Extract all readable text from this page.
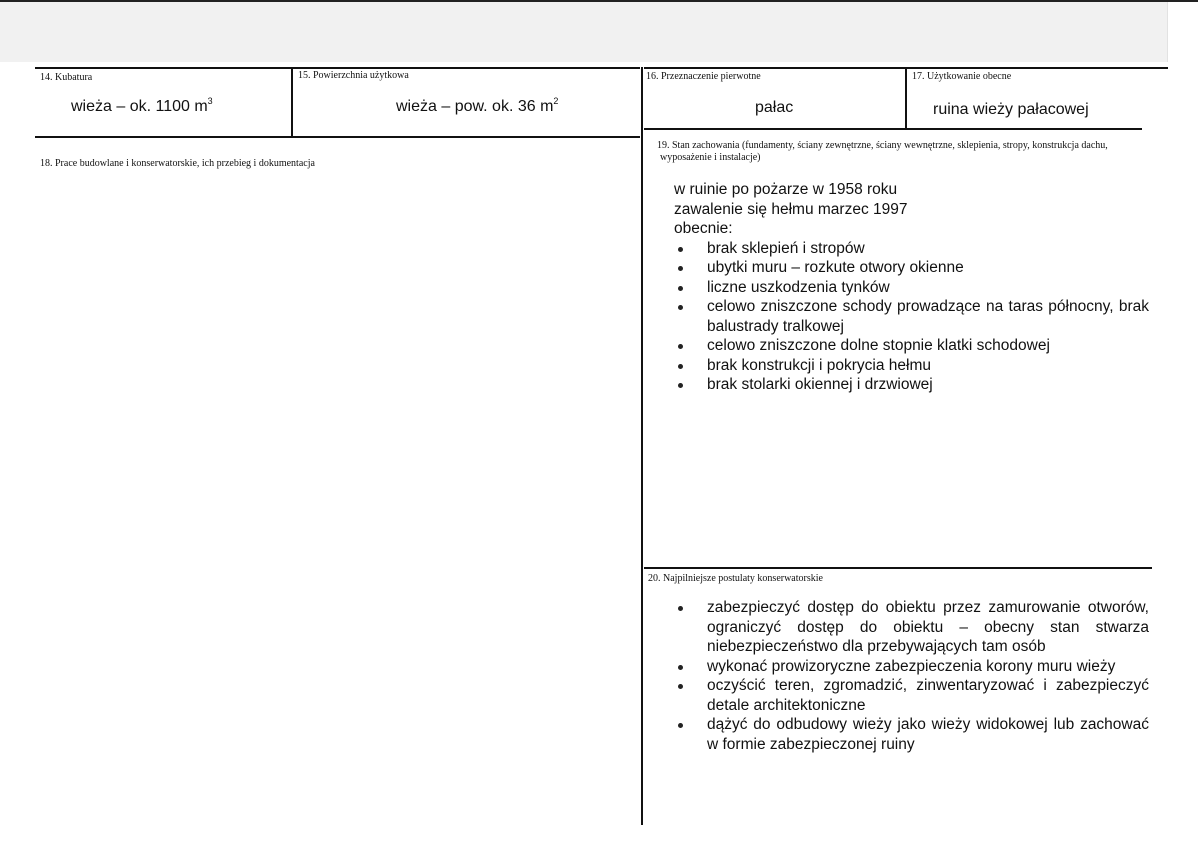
14. Kubatura
wieża – ok. 1100 $m^3$
15. Powierzchnia użytkowa
wieża – pow. ok. 36 $m^2$
16. Przeznaczenie pierwotne
pałac
17. Użytkowanie obecne
ruina wieży pałacowej
18. Prace budowlane i konserwatorskie, ich przebieg i dokumentacja
19. Stan zachowania (fundamenty, ściany zewnętrzne, ściany wewnętrzne, sklepienia, stropy, konstrukcja dachu, wyposażenie i instalacje)
w ruinie po pożarze w 1958 roku
zawalenie się hełmu marzec 1997
obecnie:
brak sklepień i stropów
ubytki muru – rozkute otwory okienne
liczne uszkodzenia tynków
celowo zniszczone schody prowadzące na taras północny, brak balustrady tralkowej
celowo zniszczone dolne stopnie klatki schodowej
brak konstrukcji i pokrycia hełmu
brak stolarki okiennej i drzwiowej
20. Najpilniejsze postulaty konserwatorskie
zabezpieczyć dostęp do obiektu przez zamurowanie otworów, ograniczyć dostęp do obiektu – obecny stan stwarza niebezpieczeństwo dla przebywających tam osób
wykonać prowizoryczne zabezpieczenia korony muru wieży
oczyścić teren, zgromadzić, zinwentaryzować i zabezpieczyć detale architektoniczne
dążyć do odbudowy wieży jako wieży widokowej lub zachować w formie zabezpieczonej ruiny
